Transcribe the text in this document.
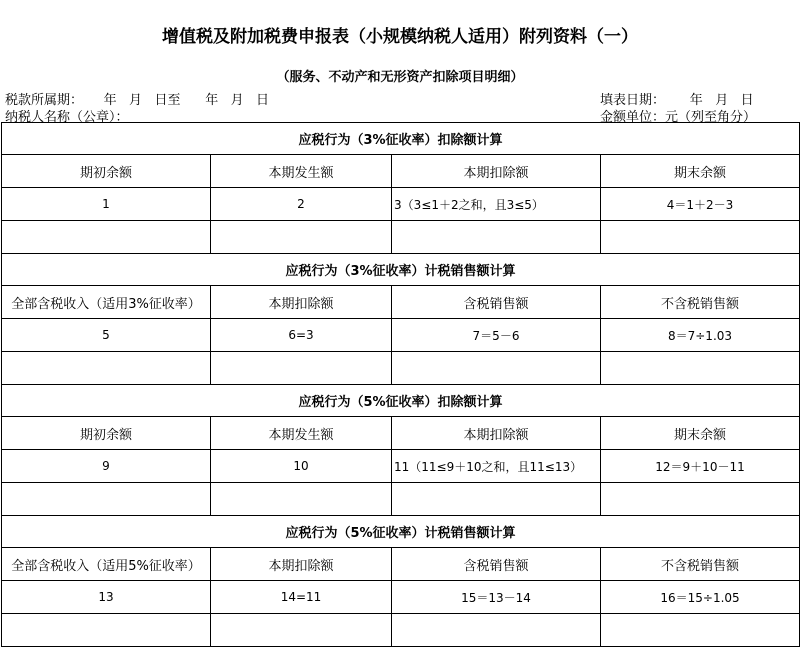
增值税及附加税费申报表（小规模纳税人适用）附列资料（一）
（服务、不动产和无形资产扣除项目明细）
税款所属期：     年   月   日至      年   月   日	填表日期：      年   月   日
纳税人名称（公章）：	金额单位：元（列至角分）
应税行为（3%征收率）扣除额计算			
期初余额	本期发生额	本期扣除额	期末余额
1	2	3（3≤1＋2之和，且3≤5）	4＝1＋2－3

应税行为（3%征收率）计税销售额计算			
全部含税收入（适用3%征收率）	本期扣除额	含税销售额	不含税销售额
5	6=3	7＝5－6	8＝7÷1.03

应税行为（5%征收率）扣除额计算			
期初余额	本期发生额	本期扣除额	期末余额
9	10	11（11≤9＋10之和，且11≤13）	12＝9＋10－11

应税行为（5%征收率）计税销售额计算			
全部含税收入（适用5%征收率）	本期扣除额	含税销售额	不含税销售额
13	14=11	15＝13－14	16＝15÷1.05
